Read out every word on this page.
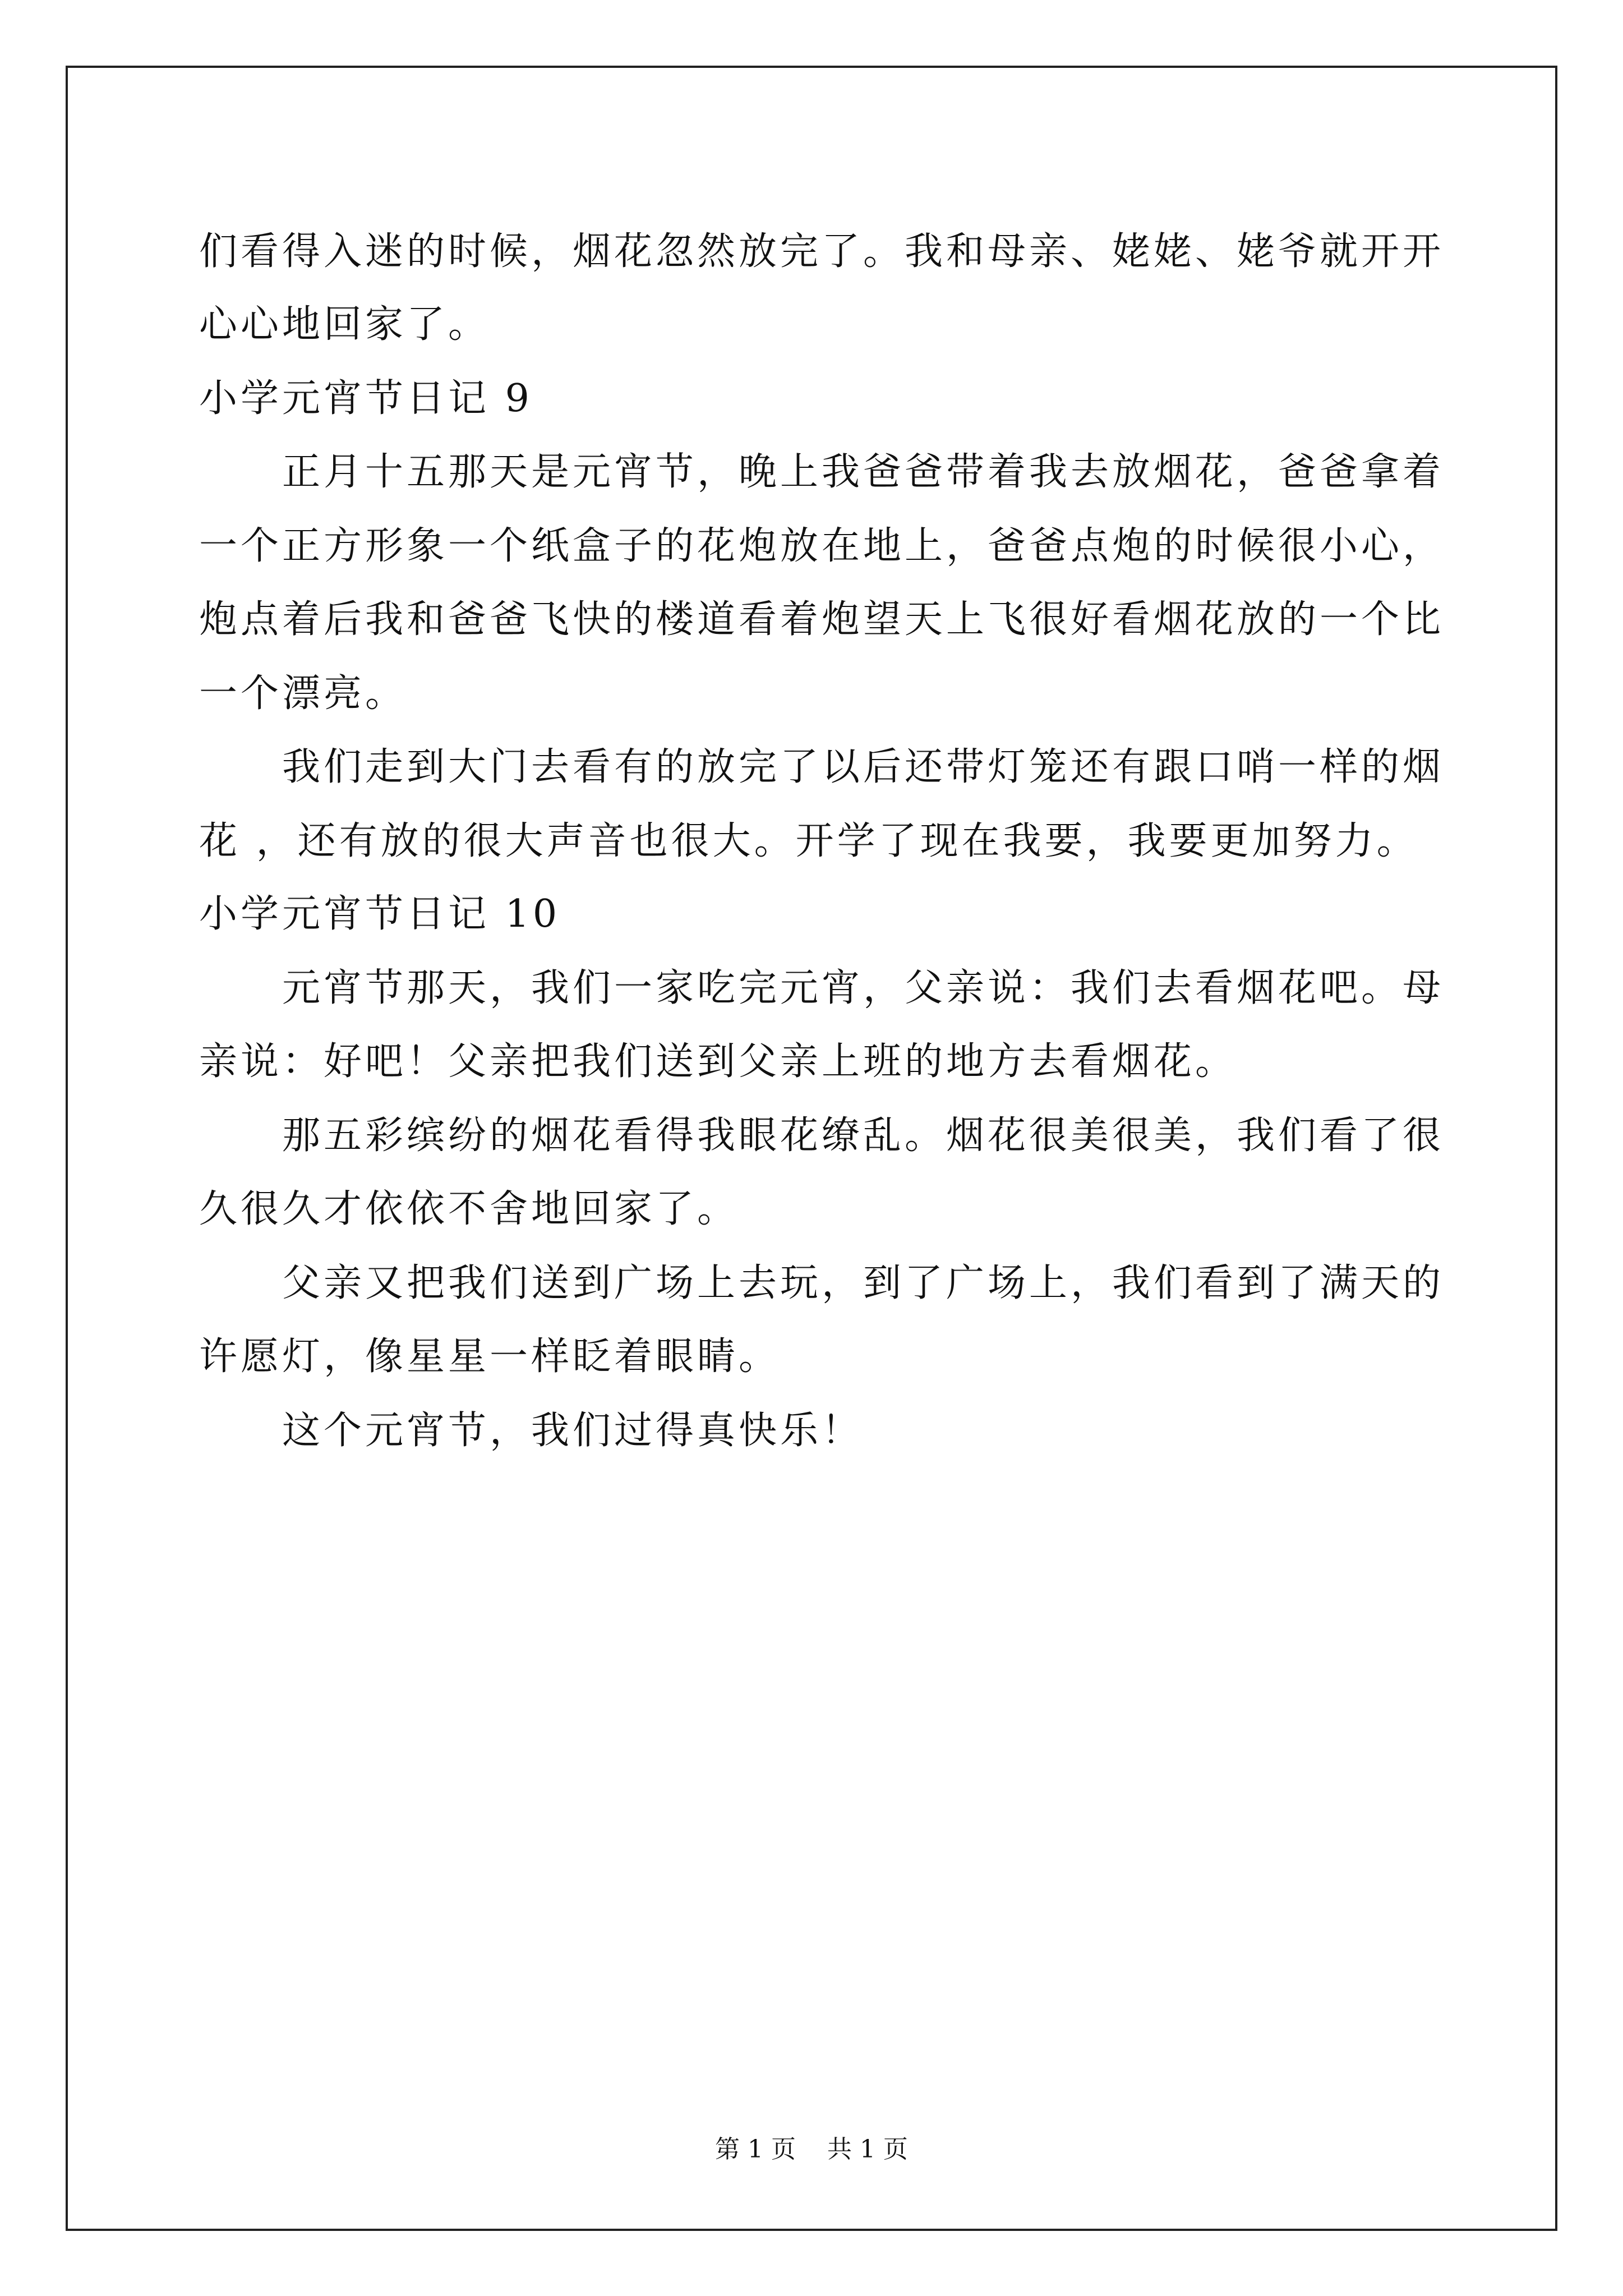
们看得入迷的时候，烟花忽然放完了。我和母亲、姥姥、姥爷就开开
心心地回家了。
小学元宵节日记 9
正月十五那天是元宵节，晚上我爸爸带着我去放烟花，爸爸拿着
一个正方形象一个纸盒子的花炮放在地上，爸爸点炮的时候很小心，
炮点着后我和爸爸飞快的楼道看着炮望天上飞很好看烟花放的一个比
一个漂亮。
我们走到大门去看有的放完了以后还带灯笼还有跟口哨一样的烟
花 ，还有放的很大声音也很大。开学了现在我要，我要更加努力。
小学元宵节日记 10
元宵节那天，我们一家吃完元宵，父亲说：我们去看烟花吧。母
亲说：好吧！父亲把我们送到父亲上班的地方去看烟花。
那五彩缤纷的烟花看得我眼花缭乱。烟花很美很美，我们看了很
久很久才依依不舍地回家了。
父亲又把我们送到广场上去玩，到了广场上，我们看到了满天的
许愿灯，像星星一样眨着眼睛。
这个元宵节，我们过得真快乐！
第 1 页    共 1 页
